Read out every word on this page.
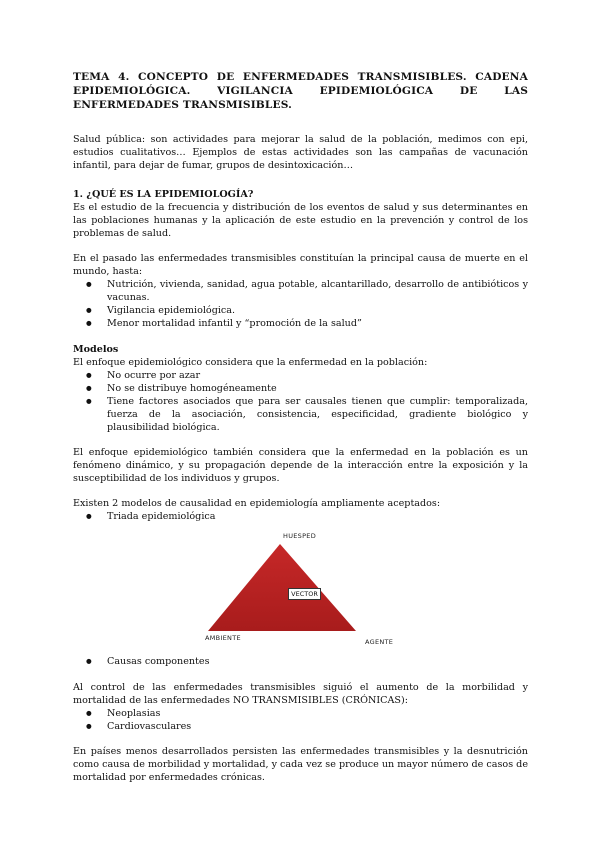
TEMA 4. CONCEPTO DE ENFERMEDADES TRANSMISIBLES. CADENA EPIDEMIOLÓGICA. VIGILANCIA EPIDEMIOLÓGICA DE LAS ENFERMEDADES TRANSMISIBLES.

Salud pública: son actividades para mejorar la salud de la población, medimos con epi, estudios cualitativos… Ejemplos de estas actividades son las campañas de vacunación infantil, para dejar de fumar, grupos de desintoxicación…

1. ¿QUÉ ES LA EPIDEMIOLOGÍA?

Es el estudio de la frecuencia y distribución de los eventos de salud y sus determinantes en las poblaciones humanas y la aplicación de este estudio en la prevención y control de los problemas de salud.

En el pasado las enfermedades transmisibles constituían la principal causa de muerte en el mundo, hasta:

● Nutrición, vivienda, sanidad, agua potable, alcantarillado, desarrollo de antibióticos y vacunas.
● Vigilancia epidemiológica.
● Menor mortalidad infantil y “promoción de la salud”
Modelos

El enfoque epidemiológico considera que la enfermedad en la población:

● No ocurre por azar
● No se distribuye homogéneamente
● Tiene factores asociados que para ser causales tienen que cumplir: temporalizada, fuerza de la asociación, consistencia, especificidad, gradiente biológico y plausibilidad biológica.

El enfoque epidemiológico también considera que la enfermedad en la población es un fenómeno dinámico, y su propagación depende de la interacción entre la exposición y la susceptibilidad de los individuos y grupos.

Existen 2 modelos de causalidad en epidemiología ampliamente aceptados:

● Triada epidemiológica
HUESPED
VECTOR
AMBIENTE	AGENTE
● Causas componentes

Al control de las enfermedades transmisibles siguió el aumento de la morbilidad y mortalidad de las enfermedades NO TRANSMISIBLES (CRÓNICAS):

● Neoplasias
● Cardiovasculares

En países menos desarrollados persisten las enfermedades transmisibles y la desnutrición como causa de morbilidad y mortalidad, y cada vez se produce un mayor número de casos de mortalidad por enfermedades crónicas.
